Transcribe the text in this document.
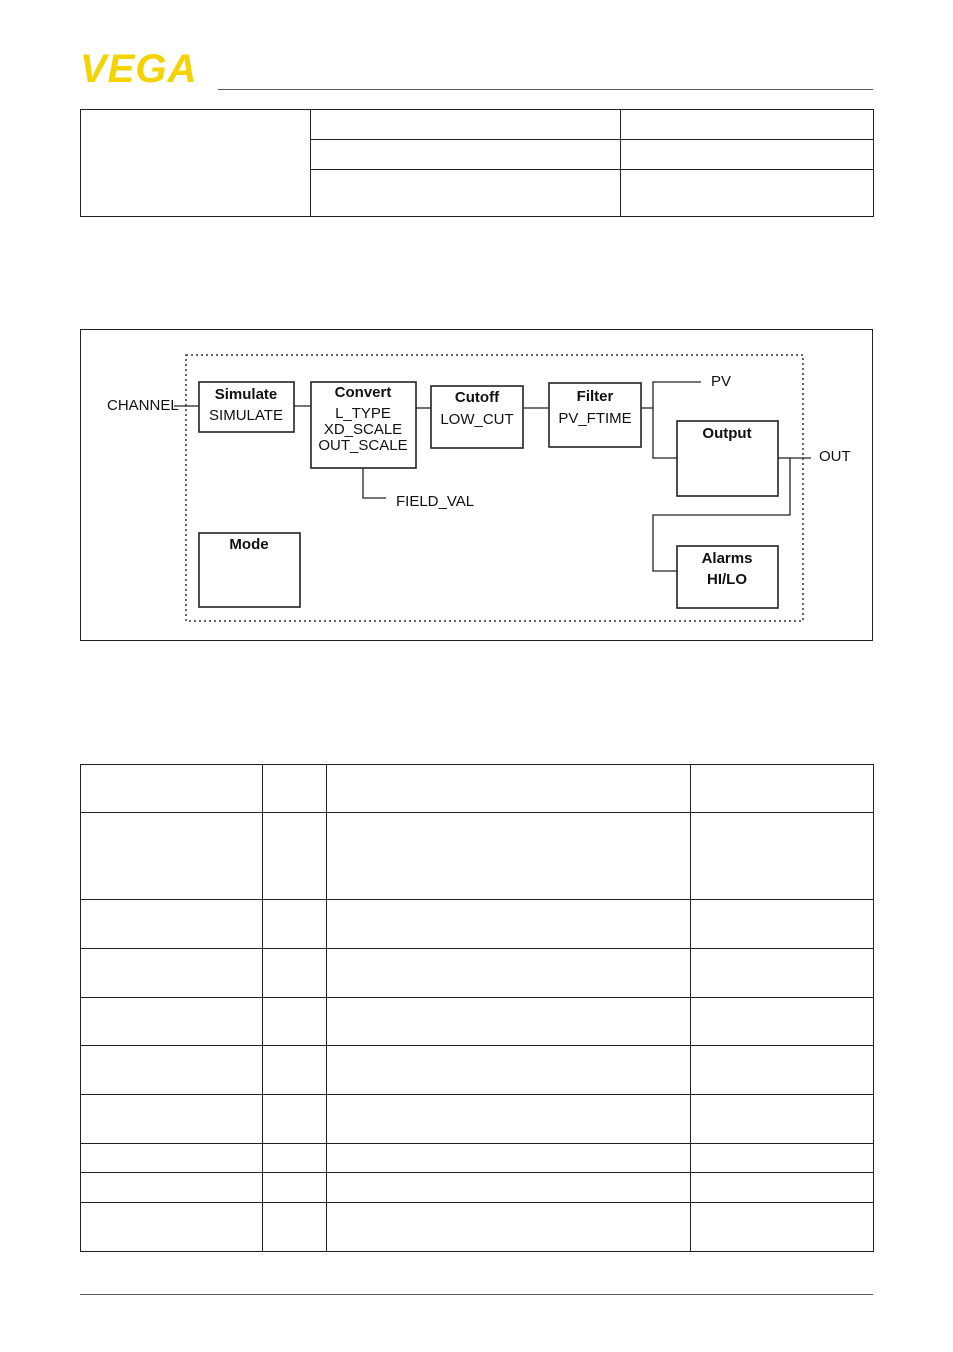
VEGA

CHANNEL
Simulate
SIMULATE
Convert
L_TYPE
XD_SCALE
OUT_SCALE
FIELD_VAL
Cutoff
LOW_CUT
Filter
PV_FTIME
PV
Output
OUT
Alarms
HI/LO
Mode
